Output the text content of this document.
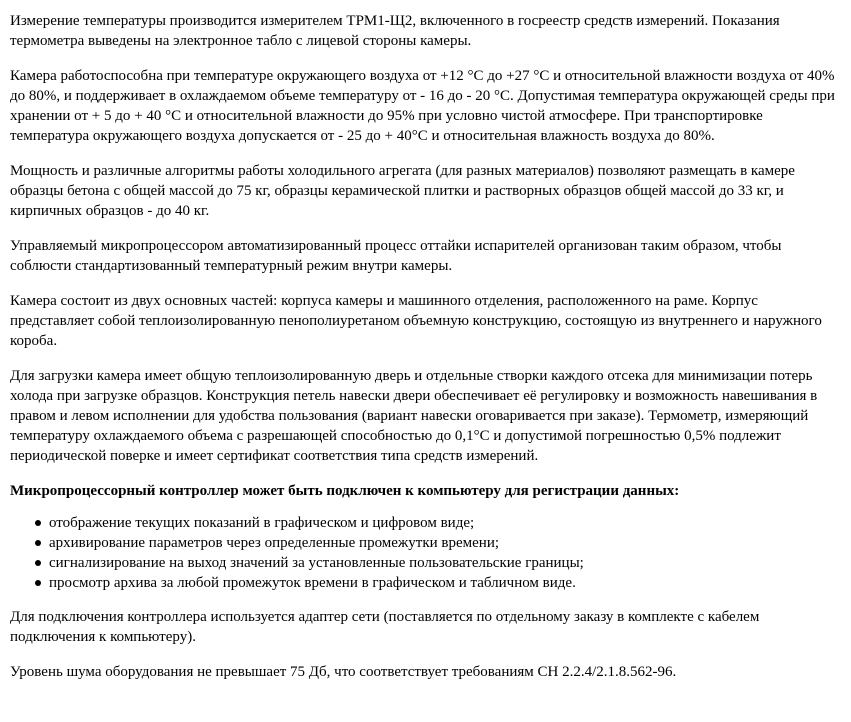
Измерение температуры производится измерителем ТРМ1-Щ2, включенного в госреестр средств измерений. Показания термометра выведены на электронное табло с лицевой стороны камеры.

Камера работоспособна при температуре окружающего воздуха от +12 °С до +27 °С и относительной влажности воздуха от 40% до 80%, и поддерживает в охлаждаемом объеме температуру от - 16 до - 20 °С. Допустимая температура окружающей среды при хранении от + 5 до + 40 °С и относительной влажности до 95% при условно чистой атмосфере. При транспортировке температура окружающего воздуха допускается от - 25 до + 40°С и относительная влажность воздуха до 80%.

Мощность и различные алгоритмы работы холодильного агрегата (для разных материалов) позволяют размещать в камере образцы бетона с общей массой до 75 кг, образцы керамической плитки и растворных образцов общей массой до 33 кг, и кирпичных образцов - до 40 кг.

Управляемый микропроцессором автоматизированный процесс оттайки испарителей организован таким образом, чтобы соблюсти стандартизованный температурный режим внутри камеры.

Камера состоит из двух основных частей: корпуса камеры и машинного отделения, расположенного на раме. Корпус представляет собой теплоизолированную пенополиуретаном объемную конструкцию, состоящую из внутреннего и наружного короба.

Для загрузки камера имеет общую теплоизолированную дверь и отдельные створки каждого отсека для минимизации потерь холода при загрузке образцов. Конструкция петель навески двери обеспечивает её регулировку и возможность навешивания в правом и левом исполнении для удобства пользования (вариант навески оговаривается при заказе). Термометр, измеряющий температуру охлаждаемого объема с разрешающей способностью до 0,1°С и допустимой погрешностью 0,5% подлежит периодической поверке и имеет сертификат соответствия типа средств измерений.

Микропроцессорный контроллер может быть подключен к компьютеру для регистрации данных:

отображение текущих показаний в графическом и цифровом виде;
архивирование параметров через определенные промежутки времени;
сигнализирование на выход значений за установленные пользовательские границы;
просмотр архива за любой промежуток времени в графическом и табличном виде.

Для подключения контроллера используется адаптер сети (поставляется по отдельному заказу в комплекте с кабелем подключения к компьютеру).

Уровень шума оборудования не превышает 75 Дб, что соответствует требованиям СН 2.2.4/2.1.8.562-96.
